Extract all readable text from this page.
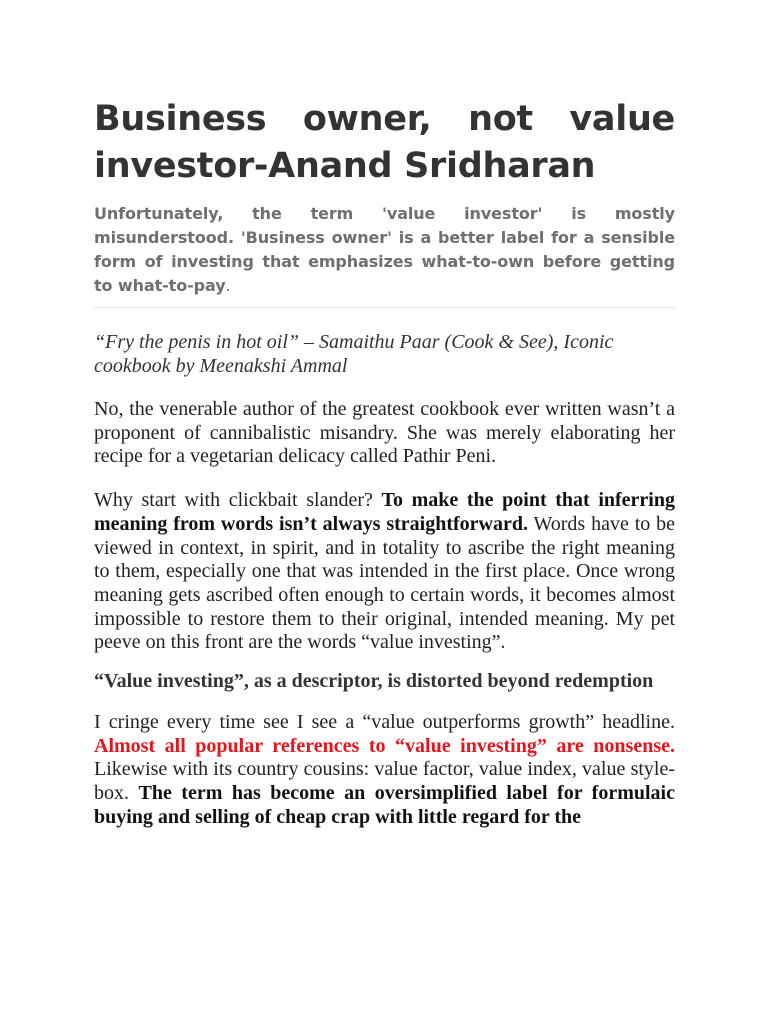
Business owner, not value investor-Anand Sridharan

Unfortunately, the term 'value investor' is mostly misunderstood. 'Business owner' is a better label for a sensible form of investing that emphasizes what-to-own before getting to what-to-pay.

“Fry the penis in hot oil” – Samaithu Paar (Cook & See), Iconic cookbook by Meenakshi Ammal

No, the venerable author of the greatest cookbook ever written wasn’t a proponent of cannibalistic misandry. She was merely elaborating her recipe for a vegetarian delicacy called Pathir Peni.

Why start with clickbait slander? To make the point that inferring meaning from words isn’t always straightforward. Words have to be viewed in context, in spirit, and in totality to ascribe the right meaning to them, especially one that was intended in the first place. Once wrong meaning gets ascribed often enough to certain words, it becomes almost impossible to restore them to their original, intended meaning. My pet peeve on this front are the words “value investing”.

“Value investing”, as a descriptor, is distorted beyond redemption

I cringe every time see I see a “value outperforms growth” headline. Almost all popular references to “value investing” are nonsense. Likewise with its country cousins: value factor, value index, value style-box. The term has become an oversimplified label for formulaic buying and selling of cheap crap with little regard for the
